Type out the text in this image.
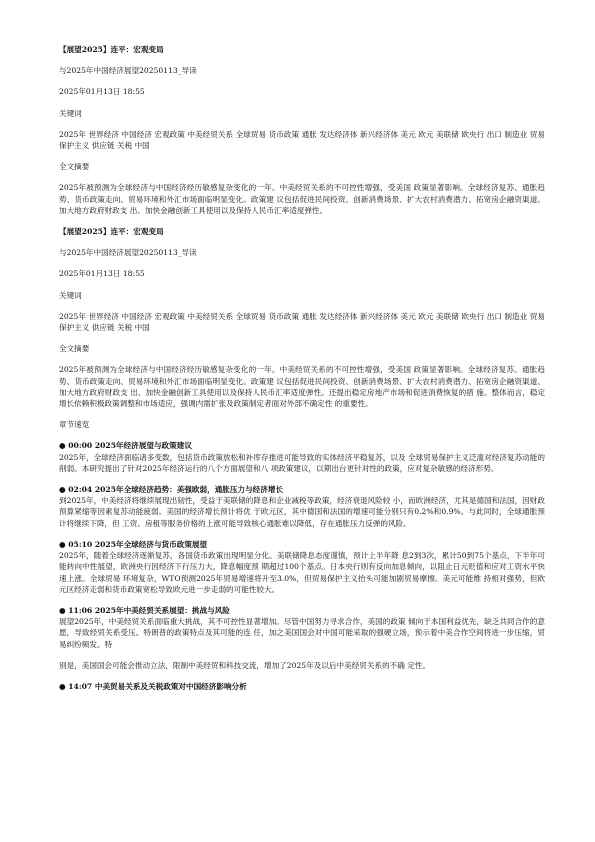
【展望2025】连平：宏观变局

与2025年中国经济展望20250113_导读

2025年01月13日 18:55

关键词

2025年 世界经济 中国经济 宏观政策 中美经贸关系 全球贸易 货币政策 通胀 发达经济体 新兴经济体 美元 欧元 美联储 欧央行 出口 制造业 贸易保护主义 供应链 关税 中国

全文摘要

2025年被预测为全球经济与中国经济经历敏感复杂变化的一年。中美经贸关系的不可控性增强，受美国 政策显著影响。全球经济复苏、通胀趋势、货币政策走向、贸易环境和外汇市场面临明显变化。政策建 议包括促进民间投资、创新消费场景、扩大农村消费潜力、拓宽房企融资渠道、加大地方政府财政支 出、加快金融创新工具使用以及保持人民币汇率适度弹性。

【展望2025】连平：宏观变局

与2025年中国经济展望20250113_导读

2025年01月13日 18:55

关键词

2025年 世界经济 中国经济 宏观政策 中美经贸关系 全球贸易 货币政策 通胀 发达经济体 新兴经济体 美元 欧元 美联储 欧央行 出口 制造业 贸易保护主义 供应链 关税 中国

全文摘要

2025年被预测为全球经济与中国经济经历敏感复杂变化的一年。中美经贸关系的不可控性增强，受美国 政策显著影响。全球经济复苏、通胀趋势、货币政策走向、贸易环境和外汇市场面临明显变化。政策建 议包括促进民间投资、创新消费场景、扩大农村消费潜力、拓宽房企融资渠道、加大地方政府财政支 出、加快金融创新工具使用以及保持人民币汇率适度弹性。还提出稳定房地产市场和促进消费恢复的措 施。整体而言，稳定增长依赖积极政策调整和市场适应，强调内需扩张及政策制定者面对外部不确定性 的重要性。

章节速览

● 00:00 2025年经济展望与政策建议

2025年，全球经济面临诸多变数，包括货币政策放松和补库存推进可能导致的实体经济平稳复苏，以及 全球贸易保护主义泛滥对经济复苏动能的削弱。本研究提出了针对2025年经济运行的八个方面展望和八 项政策建议，以期出台更针对性的政策，应对复杂敏感的经济形势。

● 02:04 2025年全球经济趋势：美强欧弱，通胀压力与经济增长

到2025年，中美经济将继续展现出韧性，受益于美联储的降息和企业减税等政策，经济衰退风险较 小，而欧洲经济，尤其是德国和法国，因财政预算紧缩等因素复苏动能疲弱。美国的经济增长预计将优 于欧元区，其中德国和法国的增速可能分别只有0.2%和0.9%。与此同时，全球通胀预计将继续下降，但 工资、房租等服务价格的上涨可能导致核心通胀难以降低，存在通胀压力反弹的风险。

● 05:10 2025年全球经济与货币政策展望

2025年，随着全球经济逐渐复苏，各国货币政策出现明显分化。美联储降息态度谨慎，预计上半年降 息2到3次，累计50到75个基点，下半年可能转向中性展望，欧洲央行因经济下行压力大，降息幅度预 期超过100个基点。日本央行则有反向加息倾向，以阻止日元贬值和应对工资水平快速上涨。全球贸易 环境复杂，WTO预测2025年贸易增速将升至3.0%，但贸易保护主义抬头可能加剧贸易摩擦。美元可能维 持相对强势，但欧元区经济走弱和货币政策宽松导致欧元进一步走弱的可能性较大。

● 11:06 2025年中美经贸关系展望：挑战与风险

展望2025年，中美经贸关系面临重大挑战，其不可控性显著增加。尽管中国努力寻求合作，美国的政策 倾向于本国利益优先，缺乏共同合作的意愿，导致经贸关系受压。特朗普的政策特点及其可能的连 任，加之美国国会对中国可能采取的强硬立场，预示着中美合作空间将进一步压缩，贸易纠纷频发。特

别是，美国国会可能会推动立法，限制中美经贸和科技交流，增加了2025年及以后中美经贸关系的不确 定性。

● 14:07 中美贸易关系及关税政策对中国经济影响分析
